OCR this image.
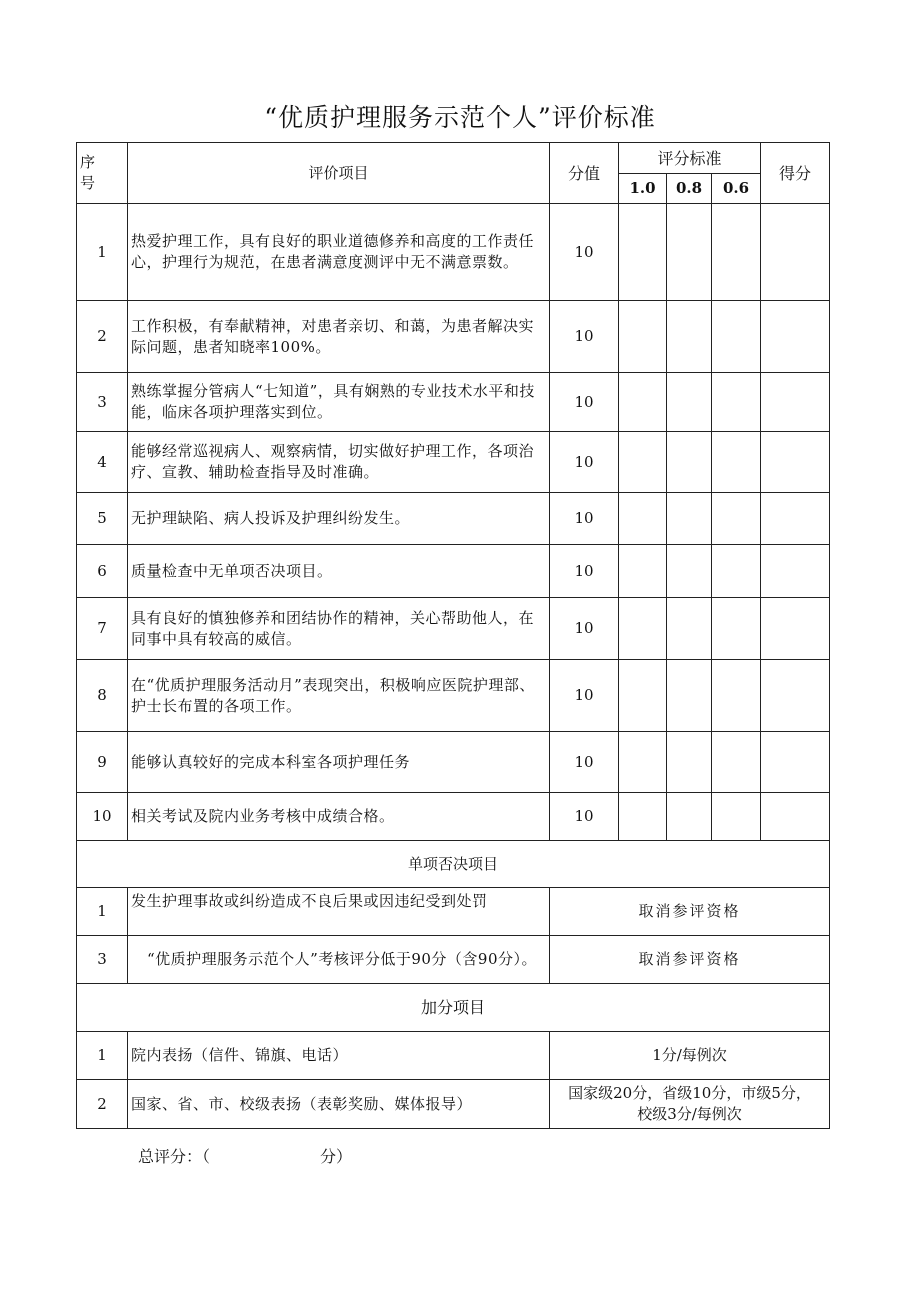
“优质护理服务示范个人”评价标准
序号	评价项目	分值	评分标准			得分
			1.0	0.8	0.6	
1	热爱护理工作，具有良好的职业道德修养和高度的工作责任心，护理行为规范，在患者满意度测评中无不满意票数。	10				
2	工作积极，有奉献精神，对患者亲切、和蔼，为患者解决实际问题，患者知晓率100%。	10				
3	熟练掌握分管病人“七知道”，具有娴熟的专业技术水平和技能，临床各项护理落实到位。	10				
4	能够经常巡视病人、观察病情，切实做好护理工作，各项治疗、宣教、辅助检查指导及时准确。	10				
5	无护理缺陷、病人投诉及护理纠纷发生。	10				
6	质量检查中无单项否决项目。	10				
7	具有良好的慎独修养和团结协作的精神，关心帮助他人，在同事中具有较高的威信。	10				
8	在“优质护理服务活动月”表现突出，积极响应医院护理部、护士长布置的各项工作。	10				
9	能够认真较好的完成本科室各项护理任务	10				
10	相关考试及院内业务考核中成绩合格。	10				
单项否决项目						
1	发生护理事故或纠纷造成不良后果或因违纪受到处罚	取消参评资格				
3	“优质护理服务示范个人”考核评分低于90分（含90分）。	取消参评资格				
加分项目						
1	院内表扬（信件、锦旗、电话）	1分/每例次				
2	国家、省、市、校级表扬（表彰奖励、媒体报导）	国家级20分，省级10分，市级5分，
校级3分/每例次				
总评分：（	分）
